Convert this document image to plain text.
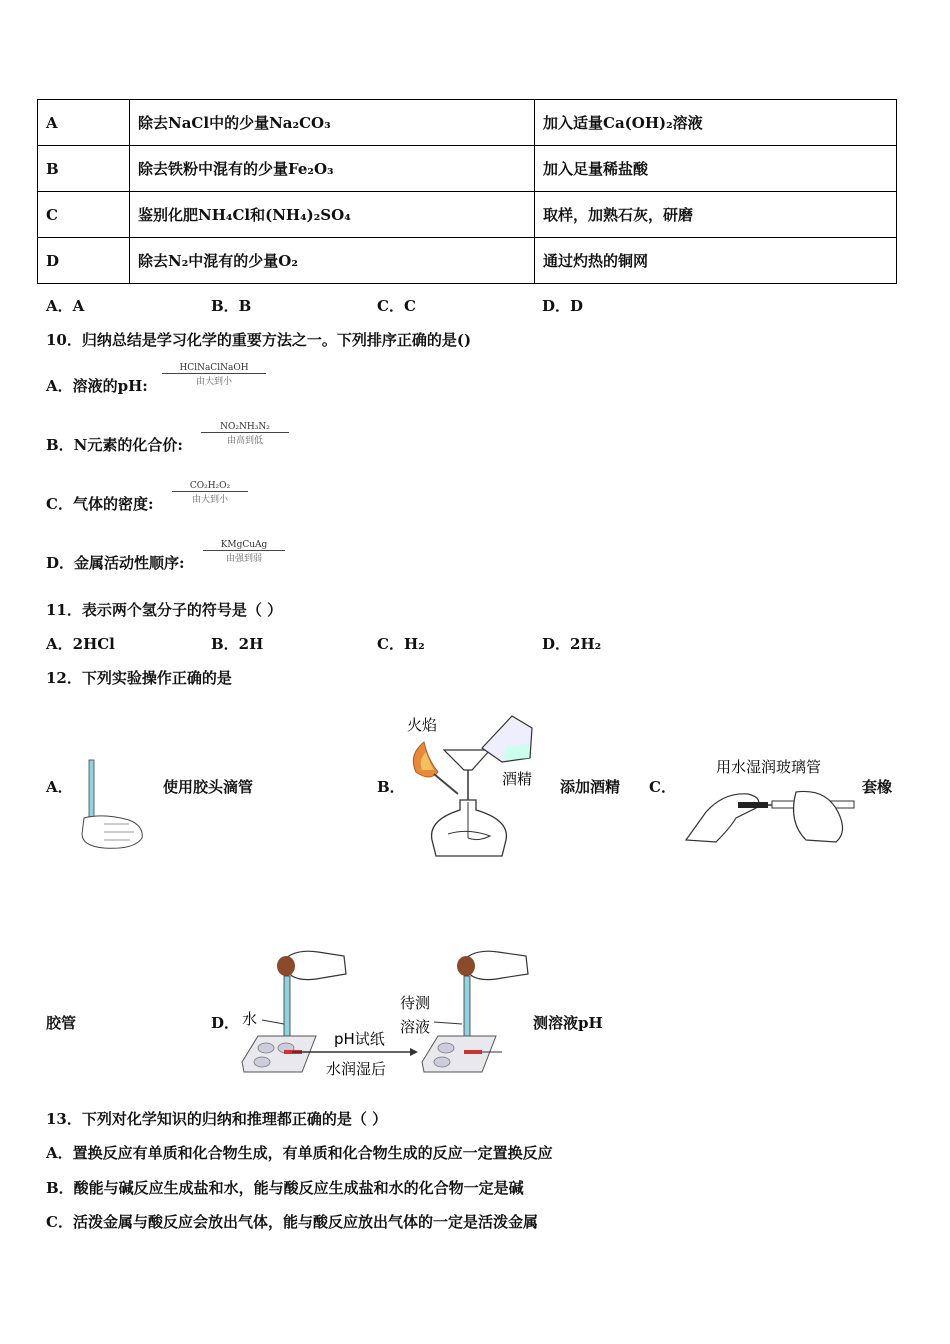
A	除去NaCl中的少量Na₂CO₃	加入适量Ca(OH)₂溶液
B	除去铁粉中混有的少量Fe₂O₃	加入足量稀盐酸
C	鉴别化肥NH₄Cl和(NH₄)₂SO₄	取样，加熟石灰，研磨
D	除去N₂中混有的少量O₂	通过灼热的铜网
A．A	B．B	C．C	D．D
10．归纳总结是学习化学的重要方法之一。下列排序正确的是()
A．溶液的pH:
HClNaClNaOH
由大到小
B．N元素的化合价:
NO₂NH₃N₂
由高到低
C．气体的密度:
CO₂H₂O₂
由大到小
D．金属活动性顺序:
KMgCuAg
由强到弱
11．表示两个氢分子的符号是（ ）
A．2HCl	B．2H	C．H₂	D．2H₂
12．下列实验操作正确的是
A．	使用胶头滴管	B．
火焰
酒精 添加酒精 C．
用水湿润玻璃管
套橡
胶管	D． 水
pH试纸
水润湿后
待测
溶液	测溶液pH
13．下列对化学知识的归纳和推理都正确的是（ ）
A．置换反应有单质和化合物生成，有单质和化合物生成的反应一定置换反应
B．酸能与碱反应生成盐和水，能与酸反应生成盐和水的化合物一定是碱
C．活泼金属与酸反应会放出气体，能与酸反应放出气体的一定是活泼金属
